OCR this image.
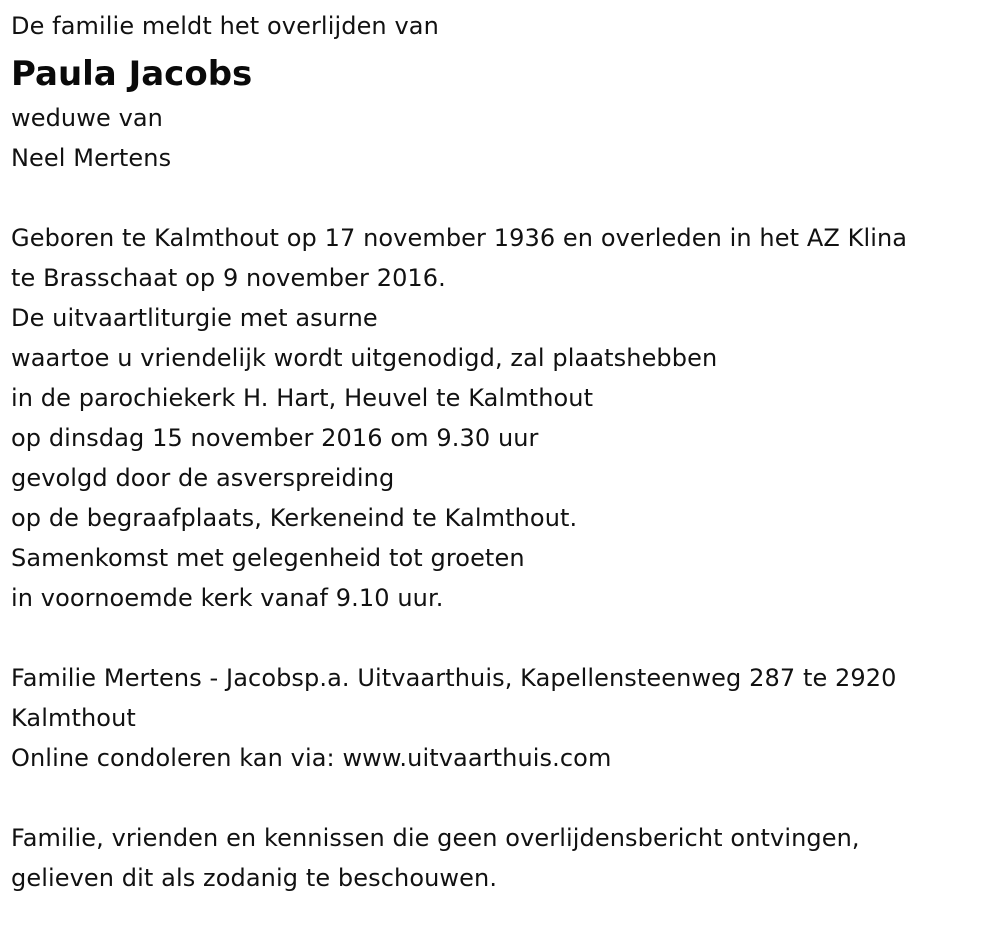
De familie meldt het overlijden van
Paula Jacobs
weduwe van
Neel Mertens
Geboren te Kalmthout op 17 november 1936 en overleden in het AZ Klina
te Brasschaat op 9 november 2016.
De uitvaartliturgie met asurne
waartoe u vriendelijk wordt uitgenodigd, zal plaatshebben
in de parochiekerk H. Hart, Heuvel te Kalmthout
op dinsdag 15 november 2016 om 9.30 uur
gevolgd door de asverspreiding
op de begraafplaats, Kerkeneind te Kalmthout.
Samenkomst met gelegenheid tot groeten
in voornoemde kerk vanaf 9.10 uur.
Familie Mertens - Jacobsp.a. Uitvaarthuis, Kapellensteenweg 287 te 2920
Kalmthout
Online condoleren kan via: www.uitvaarthuis.com
Familie, vrienden en kennissen die geen overlijdensbericht ontvingen,
gelieven dit als zodanig te beschouwen.
